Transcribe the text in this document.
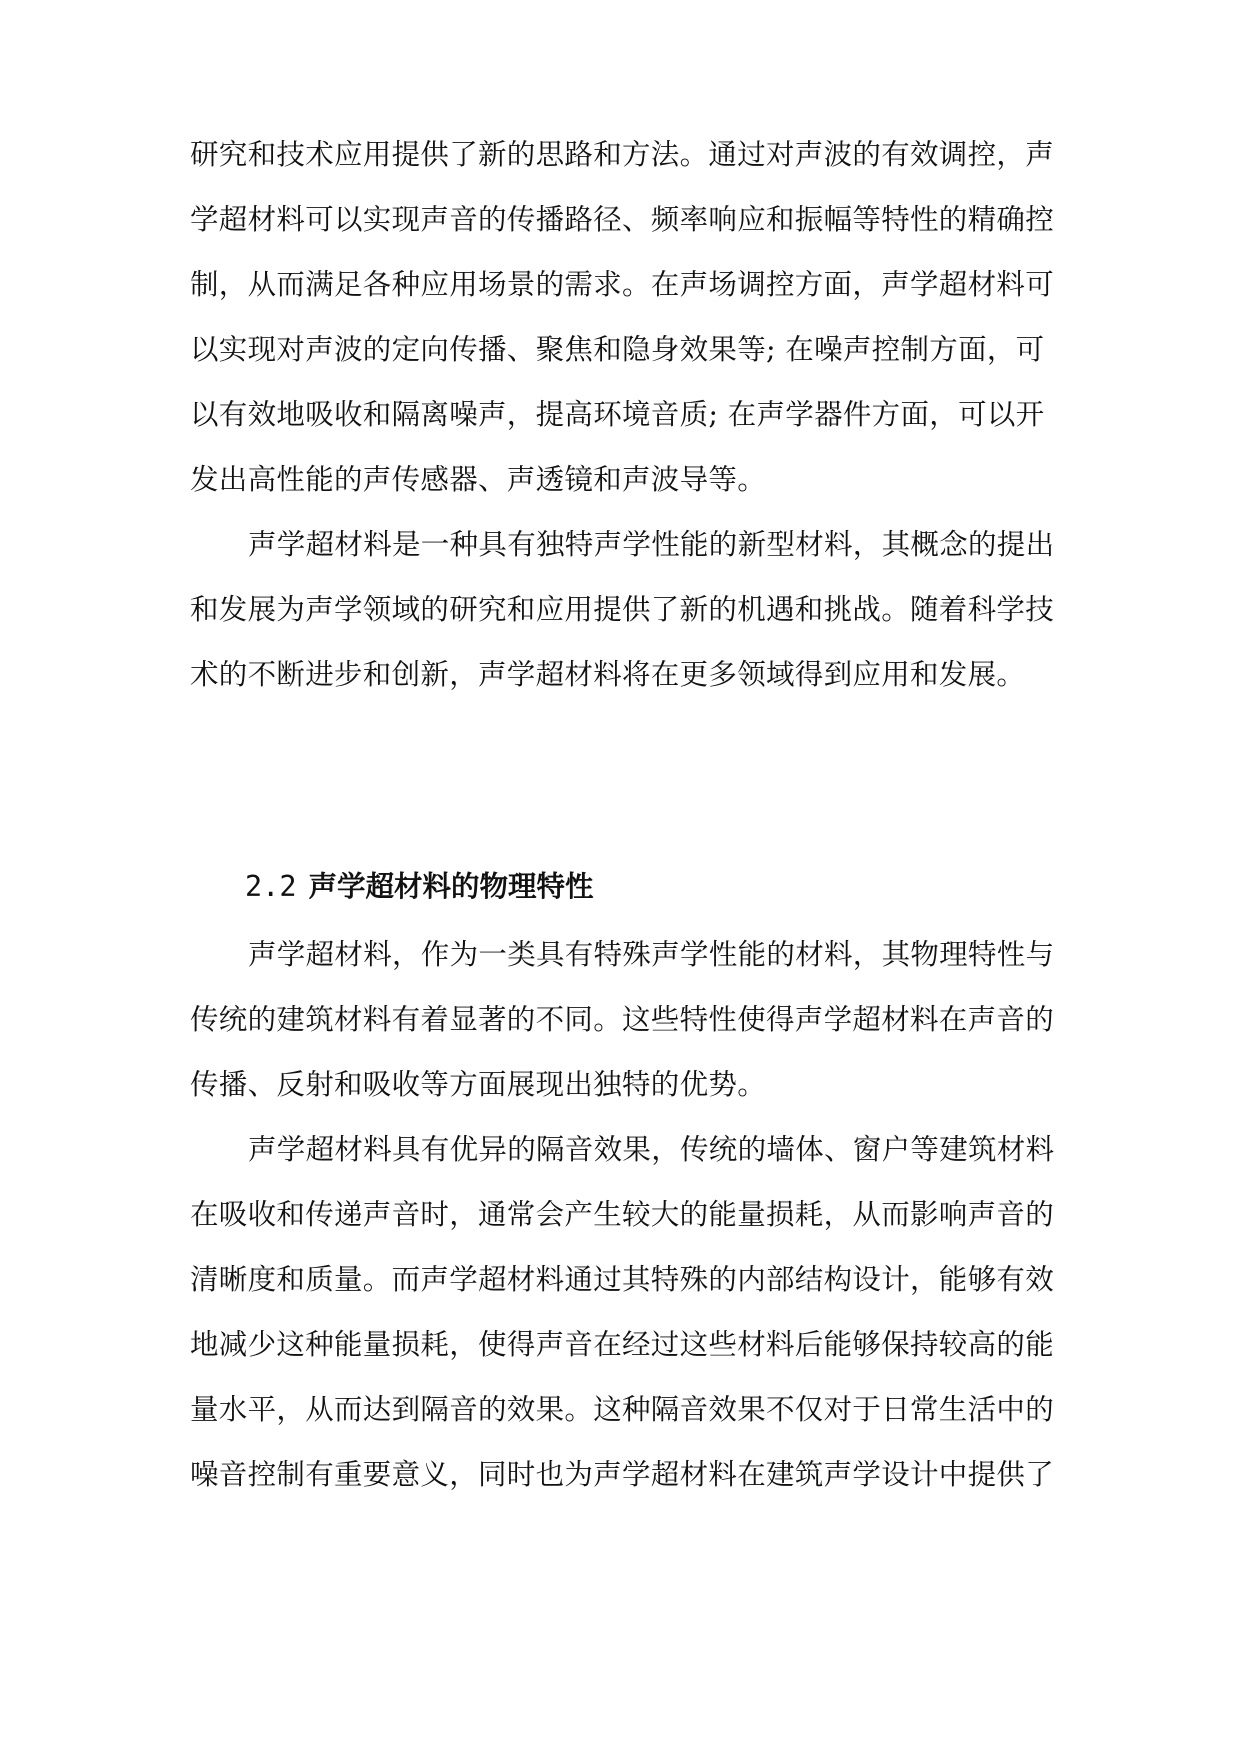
研究和技术应用提供了新的思路和方法。通过对声波的有效调控，声
学超材料可以实现声音的传播路径、频率响应和振幅等特性的精确控
制，从而满足各种应用场景的需求。在声场调控方面，声学超材料可
以实现对声波的定向传播、聚焦和隐身效果等; 在噪声控制方面，可
以有效地吸收和隔离噪声，提高环境音质; 在声学器件方面，可以开
发出高性能的声传感器、声透镜和声波导等。
声学超材料是一种具有独特声学性能的新型材料，其概念的提出
和发展为声学领域的研究和应用提供了新的机遇和挑战。随着科学技
术的不断进步和创新，声学超材料将在更多领域得到应用和发展。
2.2 声学超材料的物理特性
声学超材料，作为一类具有特殊声学性能的材料，其物理特性与
传统的建筑材料有着显著的不同。这些特性使得声学超材料在声音的
传播、反射和吸收等方面展现出独特的优势。
声学超材料具有优异的隔音效果，传统的墙体、窗户等建筑材料
在吸收和传递声音时，通常会产生较大的能量损耗，从而影响声音的
清晰度和质量。而声学超材料通过其特殊的内部结构设计，能够有效
地减少这种能量损耗，使得声音在经过这些材料后能够保持较高的能
量水平，从而达到隔音的效果。这种隔音效果不仅对于日常生活中的
噪音控制有重要意义，同时也为声学超材料在建筑声学设计中提供了
